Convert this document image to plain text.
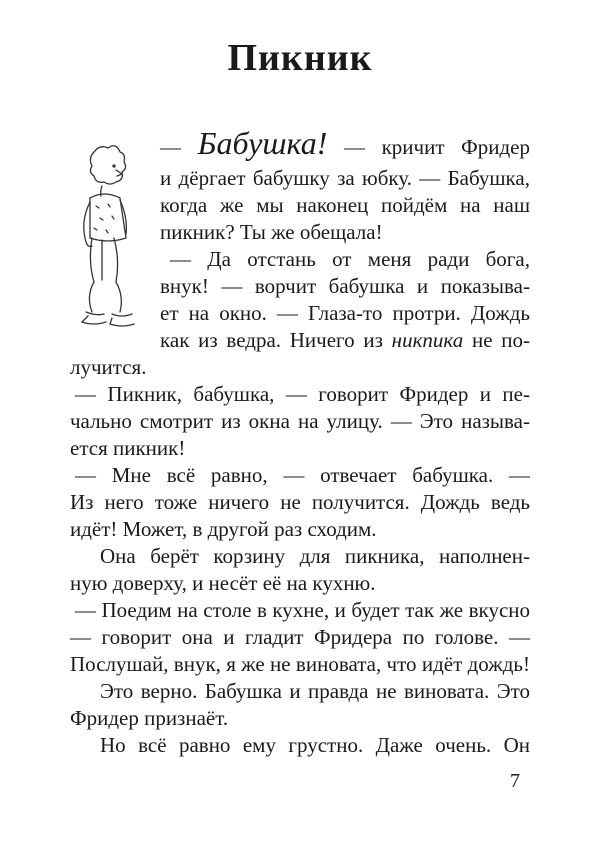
Пикник
— Бабушка! — кричит Фридер
и дёргает бабушку за юбку. — Бабушка,
когда же мы наконец пойдём на наш
пикник? Ты же обещала!
— Да отстань от меня ради бога,
внук! — ворчит бабушка и показыва-
ет на окно. — Глаза-то протри. Дождь
как из ведра. Ничего из никпика не по-
лучится.
— Пикник, бабушка, — говорит Фридер и пе-
чально смотрит из окна на улицу. — Это называ-
ется пикник!
— Мне всё равно, — отвечает бабушка. —
Из него тоже ничего не получится. Дождь ведь
идёт! Может, в другой раз сходим.
Она берёт корзину для пикника, наполнен-
ную доверху, и несёт её на кухню.
— Поедим на столе в кухне, и будет так же вкусно
— говорит она и гладит Фридера по голове. —
Послушай, внук, я же не виновата, что идёт дождь!
Это верно. Бабушка и правда не виновата. Это
Фридер признаёт.
Но всё равно ему грустно. Даже очень. Он
7
